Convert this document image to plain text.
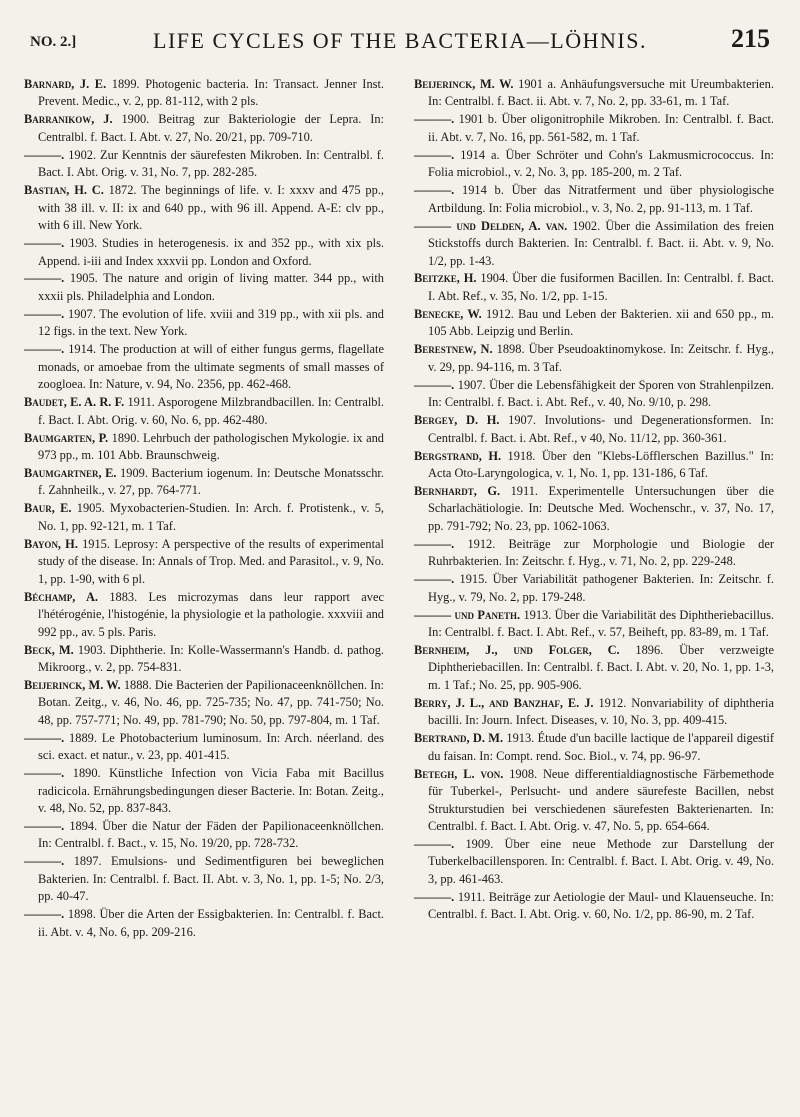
NO. 2.]	LIFE CYCLES OF THE BACTERIA—LÖHNIS.	215

Barnard, J. E. 1899. Photogenic bacteria. In: Transact. Jenner Inst. Prevent. Medic., v. 2, pp. 81-112, with 2 pls.

Barranikow, J. 1900. Beitrag zur Bakteriologie der Lepra. In: Centralbl. f. Bact. I. Abt. v. 27, No. 20/21, pp. 709-710.

———. 1902. Zur Kenntnis der säurefesten Mikroben. In: Centralbl. f. Bact. I. Abt. Orig. v. 31, No. 7, pp. 282-285.

Bastian, H. C. 1872. The beginnings of life. v. I: xxxv and 475 pp., with 38 ill. v. II: ix and 640 pp., with 96 ill. Append. A-E: clv pp., with 6 ill. New York.

———. 1903. Studies in heterogenesis. ix and 352 pp., with xix pls. Append. i-iii and Index xxxvii pp. London and Oxford.

———. 1905. The nature and origin of living matter. 344 pp., with xxxii pls. Philadelphia and London.

———. 1907. The evolution of life. xviii and 319 pp., with xii pls. and 12 figs. in the text. New York.

———. 1914. The production at will of either fungus germs, flagellate monads, or amoebae from the ultimate segments of small masses of zoogloea. In: Nature, v. 94, No. 2356, pp. 462-468.

Baudet, E. A. R. F. 1911. Asporogene Milzbrandbacillen. In: Centralbl. f. Bact. I. Abt. Orig. v. 60, No. 6, pp. 462-480.

Baumgarten, P. 1890. Lehrbuch der pathologischen Mykologie. ix and 973 pp., m. 101 Abb. Braunschweig.

Baumgartner, E. 1909. Bacterium iogenum. In: Deutsche Monatsschr. f. Zahnheilk., v. 27, pp. 764-771.

Baur, E. 1905. Myxobacterien-Studien. In: Arch. f. Protistenk., v. 5, No. 1, pp. 92-121, m. 1 Taf.

Bayon, H. 1915. Leprosy: A perspective of the results of experimental study of the disease. In: Annals of Trop. Med. and Parasitol., v. 9, No. 1, pp. 1-90, with 6 pl.

Béchamp, A. 1883. Les microzymas dans leur rapport avec l'hétérogénie, l'histogénie, la physiologie et la pathologie. xxxviii and 992 pp., av. 5 pls. Paris.

Beck, M. 1903. Diphtherie. In: Kolle-Wassermann's Handb. d. pathog. Mikroorg., v. 2, pp. 754-831.

Beijerinck, M. W. 1888. Die Bacterien der Papilionaceenknöllchen. In: Botan. Zeitg., v. 46, No. 46, pp. 725-735; No. 47, pp. 741-750; No. 48, pp. 757-771; No. 49, pp. 781-790; No. 50, pp. 797-804, m. 1 Taf.

———. 1889. Le Photobacterium luminosum. In: Arch. néerland. des sci. exact. et natur., v. 23, pp. 401-415.

———. 1890. Künstliche Infection von Vicia Faba mit Bacillus radicicola. Ernährungsbedingungen dieser Bacterie. In: Botan. Zeitg., v. 48, No. 52, pp. 837-843.

———. 1894. Über die Natur der Fäden der Papilionaceenknöllchen. In: Centralbl. f. Bact., v. 15, No. 19/20, pp. 728-732.

———. 1897. Emulsions- und Sedimentfiguren bei beweglichen Bakterien. In: Centralbl. f. Bact. II. Abt. v. 3, No. 1, pp. 1-5; No. 2/3, pp. 40-47.

———. 1898. Über die Arten der Essigbakterien. In: Centralbl. f. Bact. ii. Abt. v. 4, No. 6, pp. 209-216.

Beijerinck, M. W. 1901 a. Anhäufungsversuche mit Ureumbakterien. In: Centralbl. f. Bact. ii. Abt. v. 7, No. 2, pp. 33-61, m. 1 Taf.

———. 1901 b. Über oligonitrophile Mikroben. In: Centralbl. f. Bact. ii. Abt. v. 7, No. 16, pp. 561-582, m. 1 Taf.

———. 1914 a. Über Schröter und Cohn's Lakmusmicrococcus. In: Folia microbiol., v. 2, No. 3, pp. 185-200, m. 2 Taf.

———. 1914 b. Über das Nitratferment und über physiologische Artbildung. In: Folia microbiol., v. 3, No. 2, pp. 91-113, m. 1 Taf.

——— und Delden, A. van. 1902. Über die Assimilation des freien Stickstoffs durch Bakterien. In: Centralbl. f. Bact. ii. Abt. v. 9, No. 1/2, pp. 1-43.

Beitzke, H. 1904. Über die fusiformen Bacillen. In: Centralbl. f. Bact. I. Abt. Ref., v. 35, No. 1/2, pp. 1-15.

Benecke, W. 1912. Bau und Leben der Bakterien. xii and 650 pp., m. 105 Abb. Leipzig und Berlin.

Berestnew, N. 1898. Über Pseudoaktinomykose. In: Zeitschr. f. Hyg., v. 29, pp. 94-116, m. 3 Taf.

———. 1907. Über die Lebensfähigkeit der Sporen von Strahlenpilzen. In: Centralbl. f. Bact. i. Abt. Ref., v. 40, No. 9/10, p. 298.

Bergey, D. H. 1907. Involutions- und Degenerationsformen. In: Centralbl. f. Bact. i. Abt. Ref., v 40, No. 11/12, pp. 360-361.

Bergstrand, H. 1918. Über den "Klebs-Löfflerschen Bazillus." In: Acta Oto-Laryngologica, v. 1, No. 1, pp. 131-186, 6 Taf.

Bernhardt, G. 1911. Experimentelle Untersuchungen über die Scharlachätiologie. In: Deutsche Med. Wochenschr., v. 37, No. 17, pp. 791-792; No. 23, pp. 1062-1063.

———. 1912. Beiträge zur Morphologie und Biologie der Ruhrbakterien. In: Zeitschr. f. Hyg., v. 71, No. 2, pp. 229-248.

———. 1915. Über Variabilität pathogener Bakterien. In: Zeitschr. f. Hyg., v. 79, No. 2, pp. 179-248.

——— und Paneth. 1913. Über die Variabilität des Diphtheriebacillus. In: Centralbl. f. Bact. I. Abt. Ref., v. 57, Beiheft, pp. 83-89, m. 1 Taf.

Bernheim, J., und Folger, C. 1896. Über verzweigte Diphtheriebacillen. In: Centralbl. f. Bact. I. Abt. v. 20, No. 1, pp. 1-3, m. 1 Taf.; No. 25, pp. 905-906.

Berry, J. L., and Banzhaf, E. J. 1912. Nonvariability of diphtheria bacilli. In: Journ. Infect. Diseases, v. 10, No. 3, pp. 409-415.

Bertrand, D. M. 1913. Étude d'un bacille lactique de l'appareil digestif du faisan. In: Compt. rend. Soc. Biol., v. 74, pp. 96-97.

Betegh, L. von. 1908. Neue differentialdiagnostische Färbemethode für Tuberkel-, Perlsucht- und andere säurefeste Bacillen, nebst Strukturstudien bei verschiedenen säurefesten Bakterienarten. In: Centralbl. f. Bact. I. Abt. Orig. v. 47, No. 5, pp. 654-664.

———. 1909. Über eine neue Methode zur Darstellung der Tuberkelbacillensporen. In: Centralbl. f. Bact. I. Abt. Orig. v. 49, No. 3, pp. 461-463.

———. 1911. Beiträge zur Aetiologie der Maul- und Klauenseuche. In: Centralbl. f. Bact. I. Abt. Orig. v. 60, No. 1/2, pp. 86-90, m. 2 Taf.
